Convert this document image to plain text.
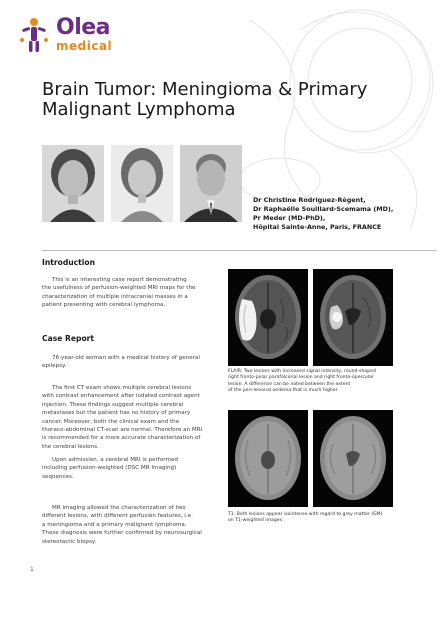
Olea
medical
Brain Tumor: Meningioma & Primary
Malignant Lymphoma
Dr Christine Rodriguez-Régent,
Dr Raphaëlle Souillard-Scemama (MD),
Pr Meder (MD-PhD),
Hôpital Sainte-Anne, Paris, FRANCE
Introduction

This is an interesting case report demonstrating
the usefulness of perfusion-weighted MRI maps for the
characterization of multiple intracranial masses in a
patient presenting with cerebral lymphoma.

Case Report

76-year-old woman with a medical history of general
epilepsy.

The first CT exam shows multiple cerebral lesions
with contrast enhancement after iodated contrast agent
injection. These findings suggest multiple cerebral
metastases but the patient has no history of primary
cancer. Moreover, both the clinical exam and the
thoraco-abdominal CT-scan are normal. Therefore an MRI
is recommended for a more accurate characterization of
the cerebral lesions.

Upon admission, a cerebral MRI is performed
including perfusion-weighted (DSC MR Imaging)
sequences.

MR imaging allowed the characterization of two
different lesions, with different perfusion features, i.e.
a meningioma and a primary malignant lymphoma.
Those diagnosis were further confirmed by neurosurgical
stereotactic biopsy.

FLAIR: Two lesions with increased signal intensity, round-shaped
right fronto-polar parafalcorial lesion and right fronto-opercular
lesion. A difference can be noted between the extent
of the peri-lesional oedema that is much higher

T1: Both lesions appear isointense with regard to grey matter (GM)
on T1-weighted images

1
